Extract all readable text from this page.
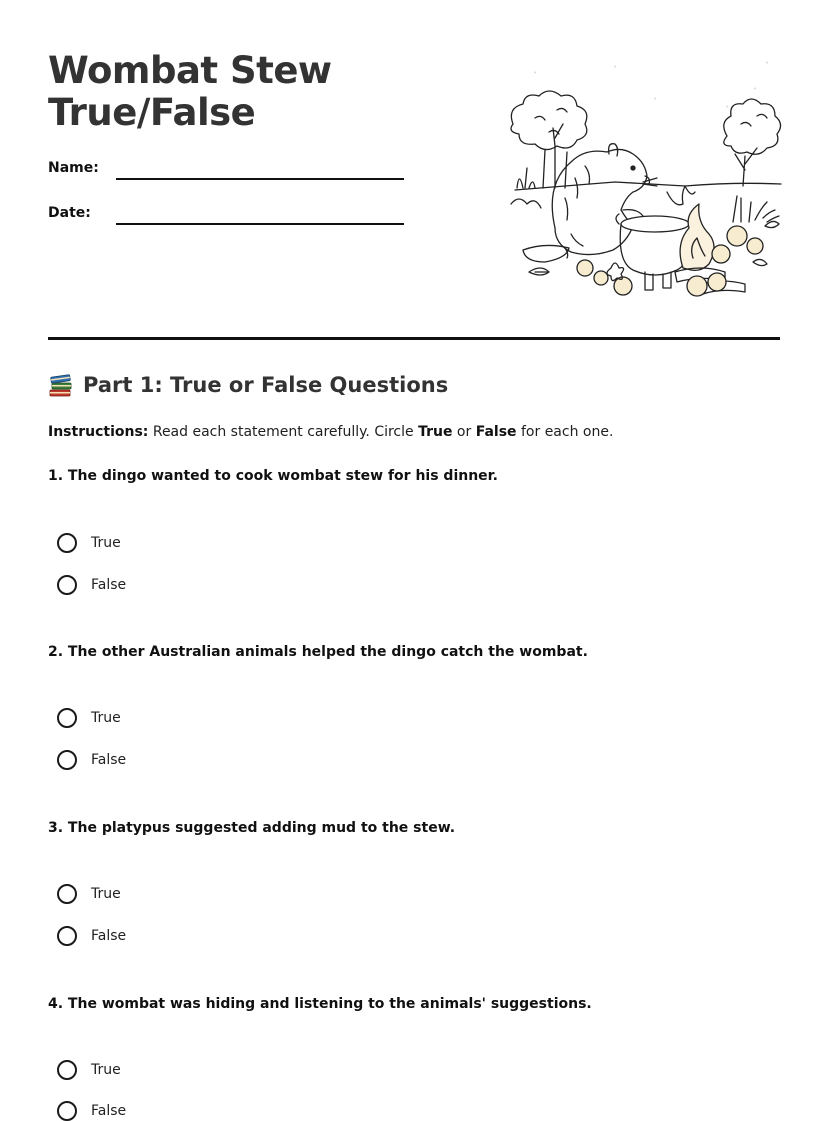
Wombat Stew
True/False
Name:
Date:
Part 1: True or False Questions

Instructions: Read each statement carefully. Circle True or False for each one.

1. The dingo wanted to cook wombat stew for his dinner.

True
False

2. The other Australian animals helped the dingo catch the wombat.

True
False

3. The platypus suggested adding mud to the stew.

True
False

4. The wombat was hiding and listening to the animals' suggestions.

True
False
